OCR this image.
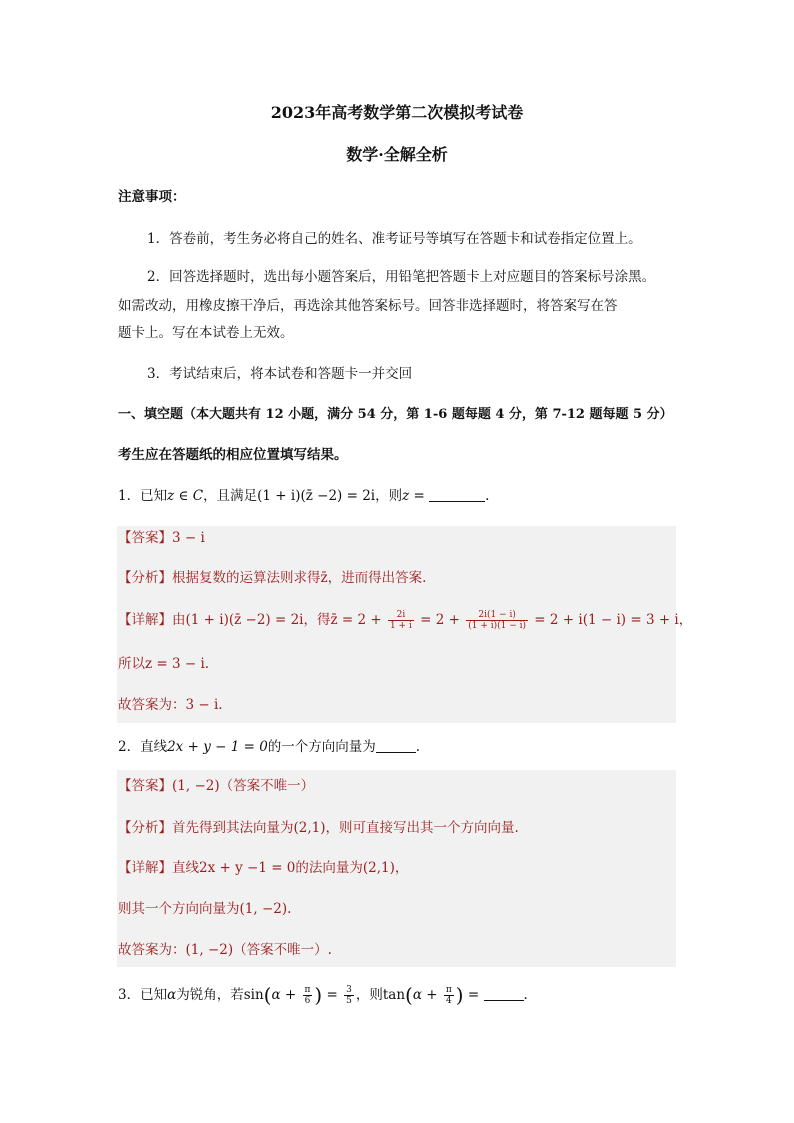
2023年高考数学第二次模拟考试卷
数学·全解全析
注意事项：
1．答卷前，考生务必将自己的姓名、准考证号等填写在答题卡和试卷指定位置上。
2．回答选择题时，选出每小题答案后，用铅笔把答题卡上对应题目的答案标号涂黑。
如需改动，用橡皮擦干净后，再选涂其他答案标号。回答非选择题时，将答案写在答
题卡上。写在本试卷上无效。
3．考试结束后，将本试卷和答题卡一并交回
一、填空题（本大题共有 12 小题，满分 54 分，第 1-6 题每题 4 分，第 7-12 题每题 5 分）
考生应在答题纸的相应位置填写结果。
1．已知z ∈ C，且满足(1 + i)(z̄ −2) = 2i，则z =	.
【答案】3 − i
【分析】根据复数的运算法则求得z̄，进而得出答案.
【详解】由(1 + i)(z̄ −2) = 2i，得z̄ = $2 + \frac{2i}{1 + i} = 2 + \frac{2i(1 - i)}{(1 + i)(1 - i)} = 2 + i(1 - i) = 3 + i$，
所以z = 3 − i.
故答案为：3 − i.
2．直线2x + y − 1 = 0的一个方向向量为	.
【答案】(1, −2)（答案不唯一）
【分析】首先得到其法向量为(2,1)，则可直接写出其一个方向向量.
【详解】直线2x + y −1 = 0的法向量为(2,1)，
则其一个方向向量为(1, −2).
故答案为：(1, −2)（答案不唯一）.
3．已知α为锐角，若$\sin(\alpha + \frac{\pi}{6}$ ) = $\frac{3}{5}$ ，则$\tan(\alpha + \frac{\pi}{4}$ ) =	.
